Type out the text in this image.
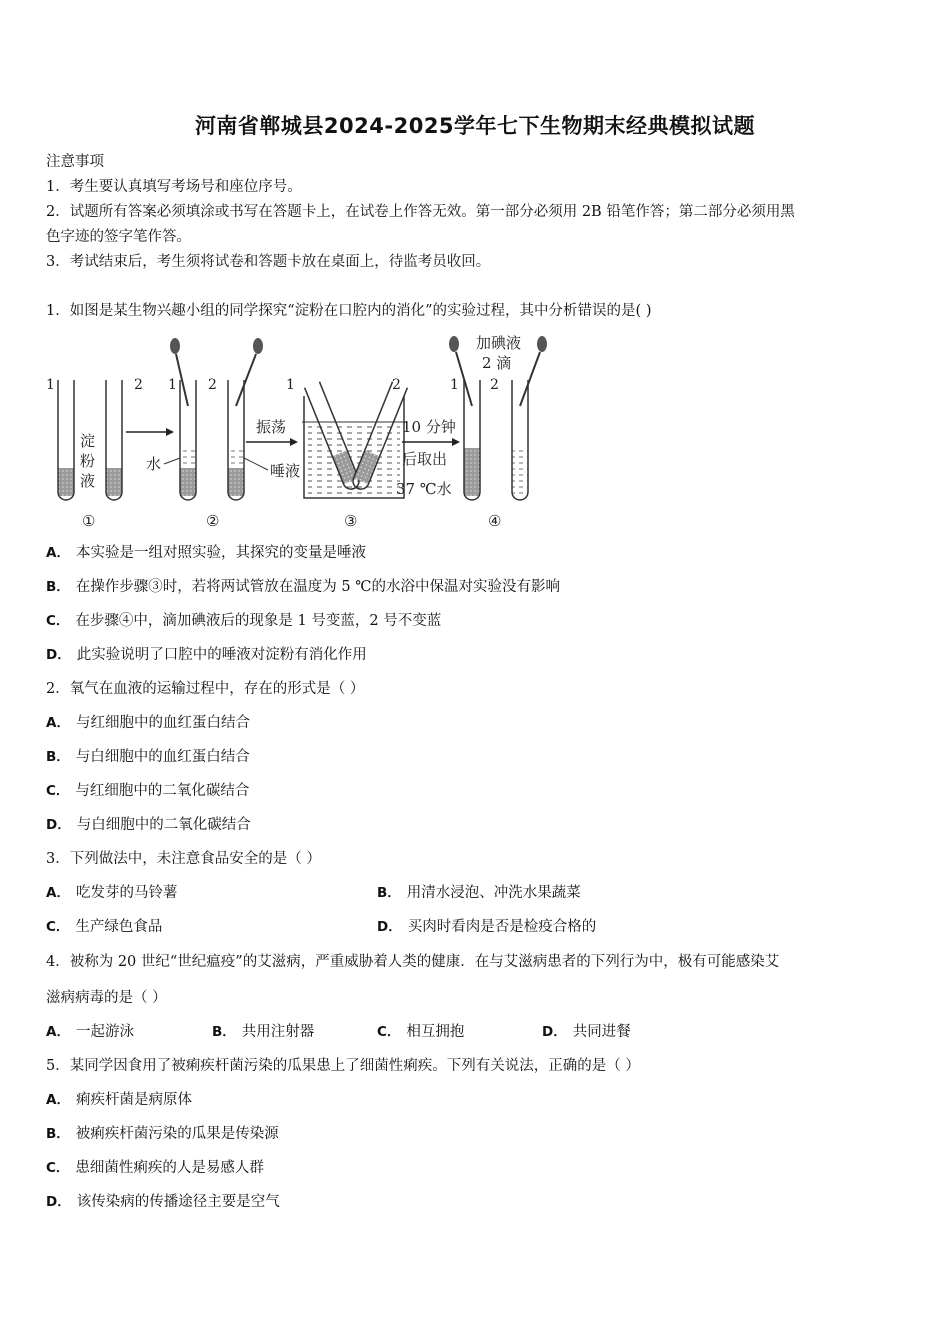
河南省郸城县2024-2025学年七下生物期末经典模拟试题
注意事项
1．考生要认真填写考场号和座位序号。
2．试题所有答案必须填涂或书写在答题卡上，在试卷上作答无效。第一部分必须用 2B 铅笔作答；第二部分必须用黑
色字迹的签字笔作答。
3．考试结束后，考生须将试卷和答题卡放在桌面上，待监考员收回。
1．如图是某生物兴趣小组的同学探究“淀粉在口腔内的消化”的实验过程，其中分析错误的是( )
1	2
淀
粉
液
①
1 2
水
②
振荡
唾液
1	2
③
10 分钟
后取出
37 ℃水
加碘液
2 滴
1 2
④
A． 本实验是一组对照实验，其探究的变量是唾液
B． 在操作步骤③时，若将两试管放在温度为 5 ℃的水浴中保温对实验没有影响
C． 在步骤④中，滴加碘液后的现象是 1 号变蓝，2 号不变蓝
D． 此实验说明了口腔中的唾液对淀粉有消化作用
2．氧气在血液的运输过程中，存在的形式是（ ）
A． 与红细胞中的血红蛋白结合
B． 与白细胞中的血红蛋白结合
C． 与红细胞中的二氧化碳结合
D． 与白细胞中的二氧化碳结合
3．下列做法中，未注意食品安全的是（ ）
A． 吃发芽的马铃薯	B． 用清水浸泡、冲洗水果蔬菜
C． 生产绿色食品	D． 买肉时看肉是否是检疫合格的
4．被称为 20 世纪“世纪瘟疫”的艾滋病，严重威胁着人类的健康．在与艾滋病患者的下列行为中，极有可能感染艾
滋病病毒的是（ ）
A． 一起游泳	B． 共用注射器	C． 相互拥抱	D． 共同进餐
5．某同学因食用了被痢疾杆菌污染的瓜果患上了细菌性痢疾。下列有关说法，正确的是（ ）
A． 痢疾杆菌是病原体
B． 被痢疾杆菌污染的瓜果是传染源
C． 患细菌性痢疾的人是易感人群
D． 该传染病的传播途径主要是空气
